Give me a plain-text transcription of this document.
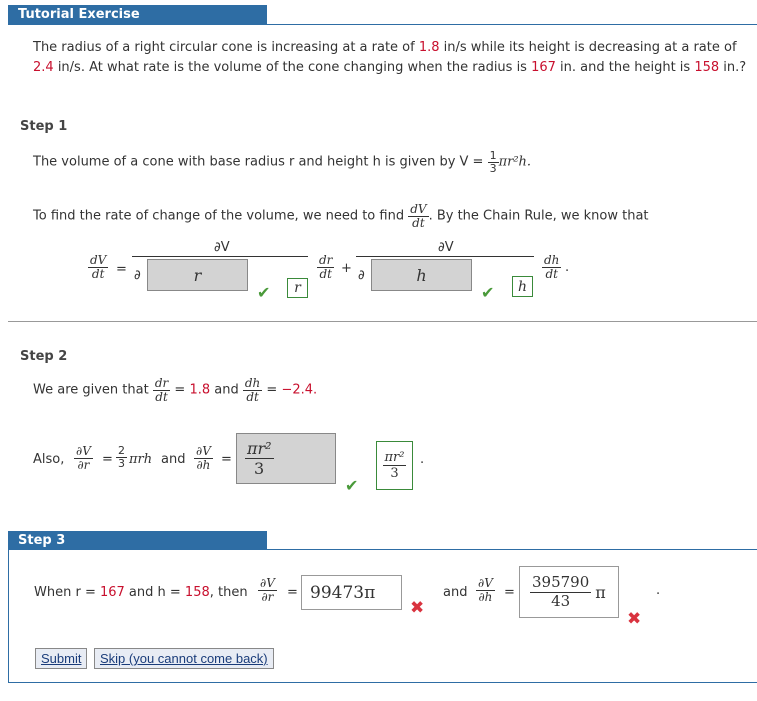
Tutorial Exercise
The radius of a right circular cone is increasing at a rate of 1.8 in/s while its height is decreasing at a rate of
2.4 in/s. At what rate is the volume of the cone changing when the radius is 167 in. and the height is 158 in.?
Step 1
The volume of a cone with base radius r and height h is given by $V = \frac{1}{3} \pi r^2h$.
To find the rate of change of the volume, we need to find $\frac{dV}{dt}$ . By the Chain Rule, we know that
$\frac{dV}{dt}$ =
∂V
∂	r
✔	r
$\frac{dr}{dt}$ +
∂V
∂	h
✔	h
$\frac{dh}{dt}$ .
Step 2
We are given that $\frac{dr}{dt} = 1.8$ and $\frac{dh}{dt} = -2.4$.
Also, $\frac{\partial V}{\partial r} = \frac{2}{3}$ πrh and $\frac{\partial V}{\partial h} = \frac{\text{πr²}}{3}$
✔ $\frac{\text{πr²}}{3}$ .
Step 3
When r = 167 and h = 158, then $\frac{\partial V}{\partial r} = 99473\pi$
✖
and $\frac{\partial V}{\partial h} = \frac{395790}{43}$ π
✖
.
Submit	Skip (you cannot come back)
